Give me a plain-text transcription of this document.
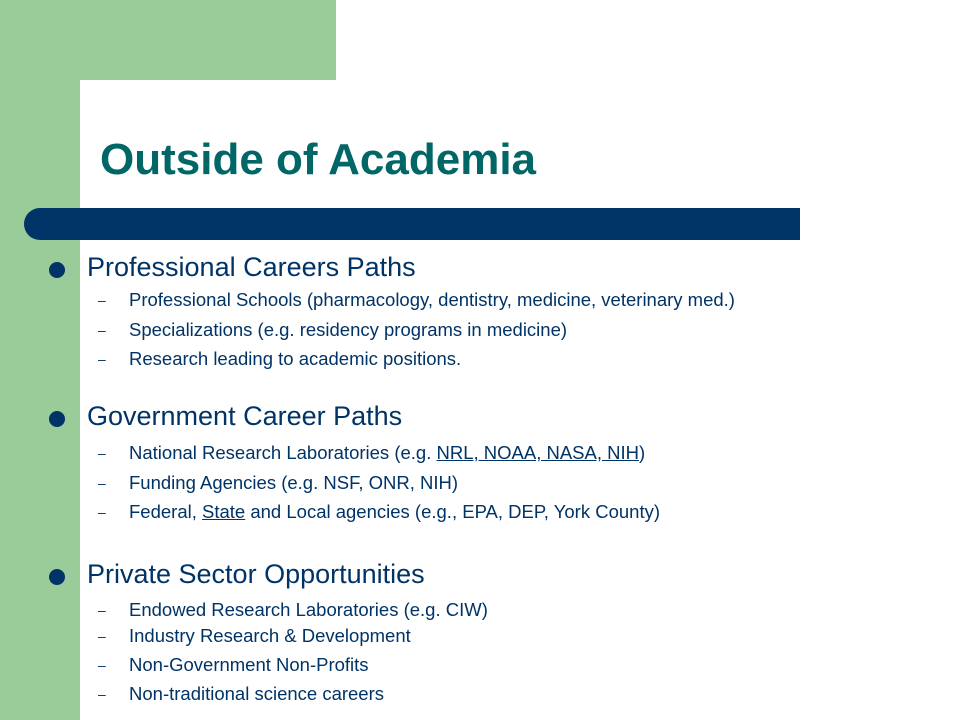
Outside of Academia
Professional Careers Paths
– Professional Schools (pharmacology, dentistry, medicine, veterinary med.)
– Specializations (e.g. residency programs in medicine)
– Research leading to academic positions.
Government Career Paths
– National Research Laboratories (e.g. NRL, NOAA, NASA, NIH)
– Funding Agencies (e.g. NSF, ONR, NIH)
– Federal, State and Local agencies (e.g., EPA, DEP, York County)
Private Sector Opportunities
– Endowed Research Laboratories (e.g. CIW)
– Industry Research & Development
– Non-Government Non-Profits
– Non-traditional science careers
